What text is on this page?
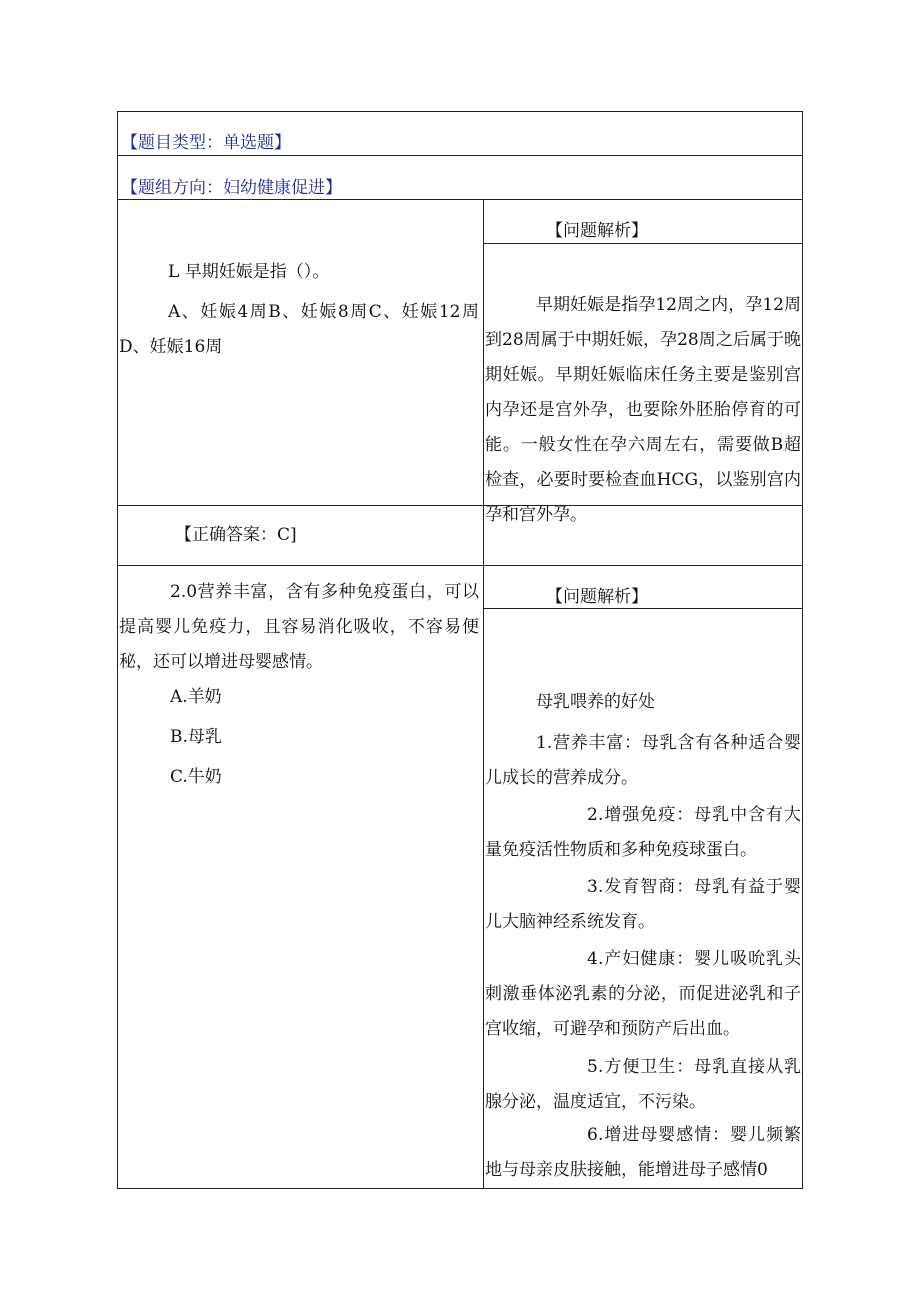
【题目类型：单选题】
【题组方向：妇幼健康促进】
L 早期妊娠是指（）。
A、妊娠4周B、妊娠8周C、妊娠12周D、妊娠16周
【问题解析】
早期妊娠是指孕12周之内，孕12周到28周属于中期妊娠，孕28周之后属于晚期妊娠。早期妊娠临床任务主要是鉴别宫内孕还是宫外孕，也要除外胚胎停育的可能。一般女性在孕六周左右，需要做B超检查，必要时要检查血HCG，以鉴别宫内孕和宫外孕。
【正确答案：C]
2.0营养丰富，含有多种免疫蛋白，可以提高婴儿免疫力，且容易消化吸收，不容易便秘，还可以增进母婴感情。
A.羊奶
B.母乳
C.牛奶
【问题解析】
母乳喂养的好处
1.营养丰富：母乳含有各种适合婴儿成长的营养成分。
2.增强免疫：母乳中含有大量免疫活性物质和多种免疫球蛋白。
3.发育智商：母乳有益于婴儿大脑神经系统发育。
4.产妇健康：婴儿吸吮乳头刺激垂体泌乳素的分泌，而促进泌乳和子宫收缩，可避孕和预防产后出血。
5.方便卫生：母乳直接从乳腺分泌，温度适宜，不污染。
6.增进母婴感情：婴儿频繁地与母亲皮肤接触，能增进母子感情0
